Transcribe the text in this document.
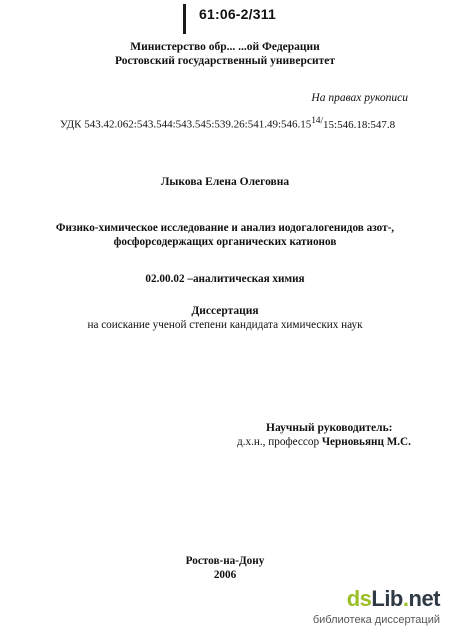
61:06-2/311
Министерство обр... ...ой Федерации
Ростовский государственный университет
На правах рукописи
УДК $543.42.062:543.544:543.545:539.26:541.49:546.15^{14/}15:546.18:547.8$
Лыкова Елена Олеговна
Физико-химическое исследование и анализ иодогалогенидов азот-,
фосфорсодержащих органических катионов
02.00.02 –аналитическая химия
Диссертация
на соискание ученой степени кандидата химических наук
Научный руководитель:
д.х.н., профессор Черновьянц М.С.
Ростов-на-Дону
2006
dsLib.net
библиотека диссертаций
